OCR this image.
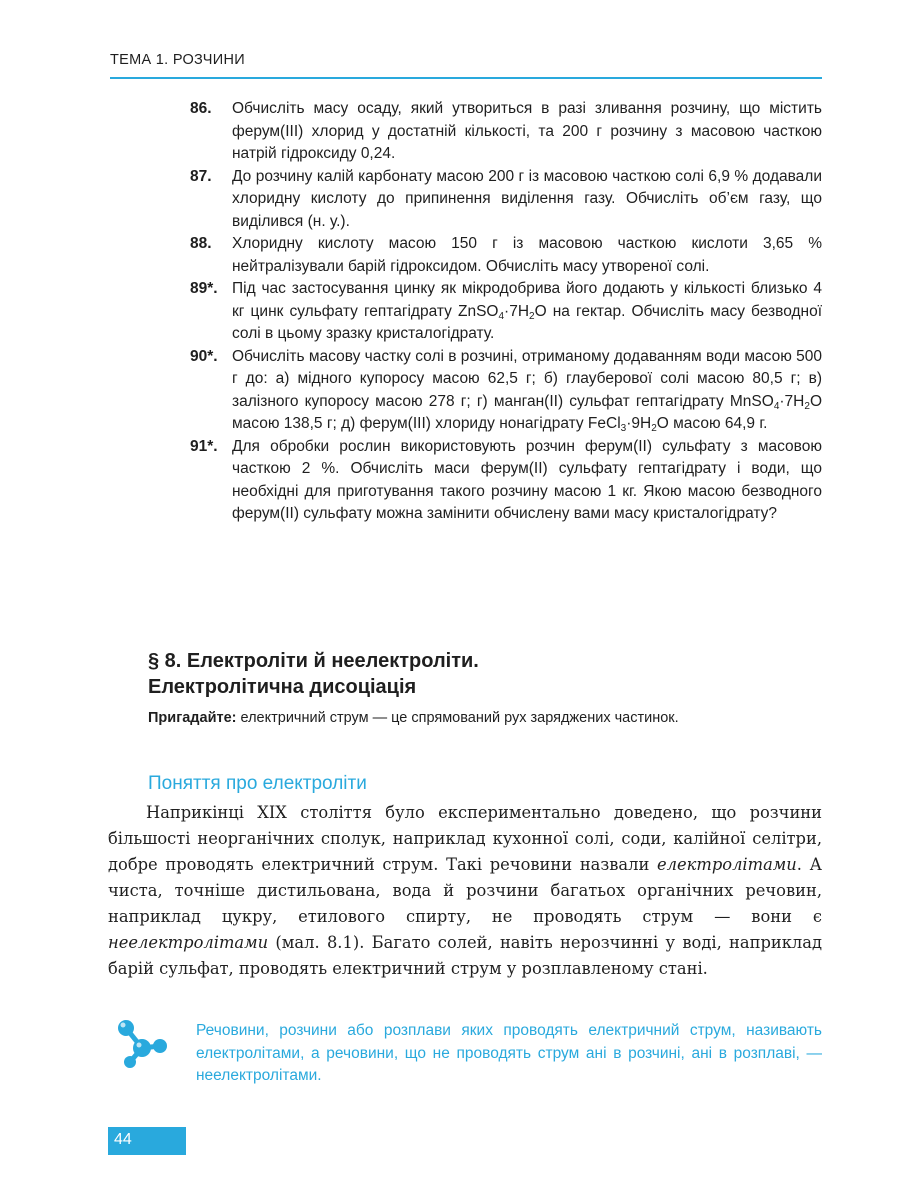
ТЕМА 1. РОЗЧИНИ
86.	Обчисліть масу осаду, який утвориться в разі зливання розчину, що містить ферум(ІІІ) хлорид у достатній кількості, та 200 г розчину з масовою часткою натрій гідроксиду 0,24.
87.	До розчину калій карбонату масою 200 г із масовою часткою солі 6,9 % додавали хлоридну кислоту до припинення виділення газу. Обчисліть об’єм газу, що виділився (н. у.).
88.	Хлоридну кислоту масою 150 г із масовою часткою кислоти 3,65 % нейтралізували барій гідроксидом. Обчисліть масу утвореної солі.
89*. Під час застосування цинку як мікродобрива його додають у кількості близько 4 кг цинк сульфату гептагідрату $ZnSO_4\cdot 7H_2O$ на гектар. Обчисліть масу безводної солі в цьому зразку кристалогідрату.
90*. Обчисліть масову частку солі в розчині, отриманому додаванням води масою 500 г до: а) мідного купоросу масою 62,5 г; б) глауберової солі масою 80,5 г; в) залізного купоросу масою 278 г; г) манган(ІІ) сульфат гептагідрату $MnSO_4\cdot 7H_2O$ масою 138,5 г; д) ферум(ІІІ) хлориду нонагідрату $FeCl_3\cdot 9H_2O$ масою 64,9 г.
91*. Для обробки рослин використовують розчин ферум(ІІ) сульфату з масовою часткою 2 %. Обчисліть маси ферум(ІІ) сульфату гептагідрату і води, що необхідні для приготування такого розчину масою 1 кг. Якою масою безводного ферум(ІІ) сульфату можна замінити обчислену вами масу кристалогідрату?
§ 8. Електроліти й неелектроліти.
Електролітична дисоціація
Пригадайте: електричний струм — це спрямований рух заряджених частинок.
Поняття про електроліти
Наприкінці XIX століття було експериментально доведено, що розчини більшості неорганічних сполук, наприклад кухонної солі, соди, калійної селітри, добре проводять електричний струм. Такі речовини назвали електролітами. А чиста, точніше дистильована, вода й розчини багатьох органічних речовин, наприклад цукру, етилового спирту, не проводять струм — вони є неелектролітами (мал. 8.1). Багато солей, навіть нерозчинні у воді, наприклад барій сульфат, проводять електричний струм у розплавленому стані.
Речовини, розчини або розплави яких проводять електричний струм, називають електролітами, а речовини, що не проводять струм ані в розчині, ані в розплаві, — неелектролітами.
44
